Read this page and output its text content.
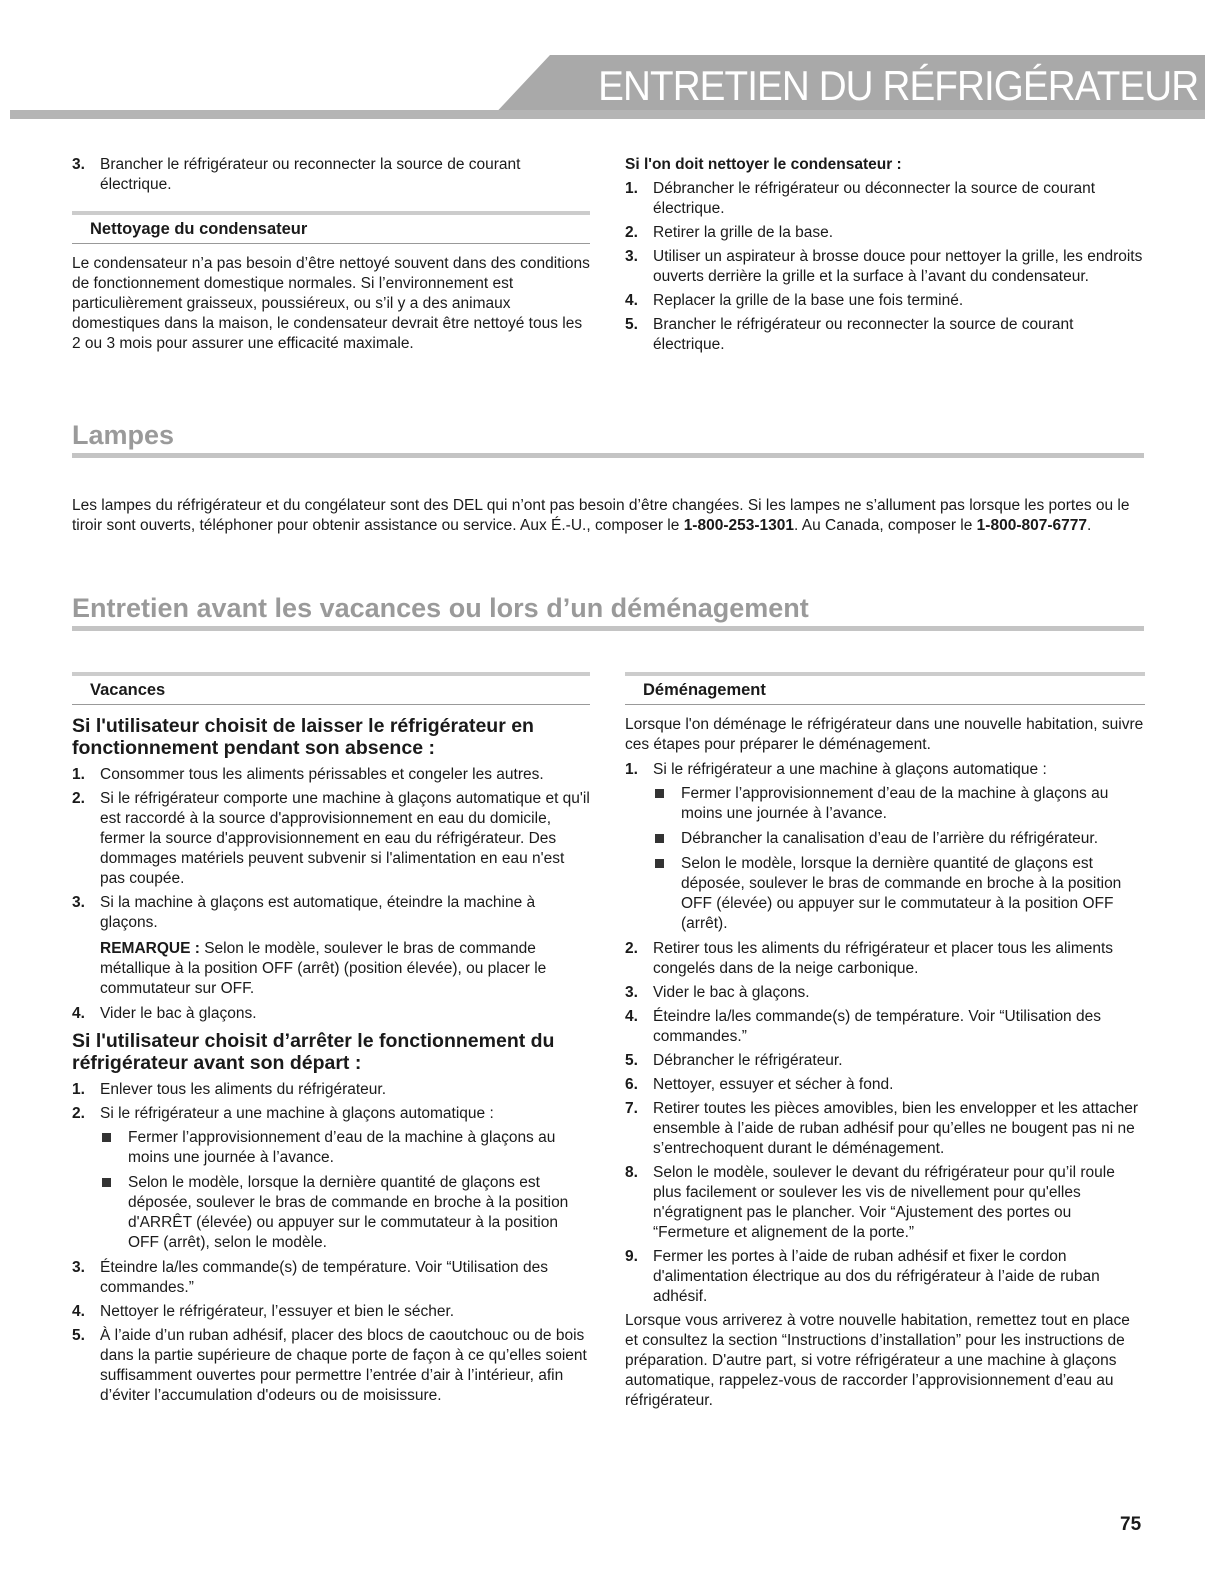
ENTRETIEN DU RÉFRIGÉRATEUR
3. Brancher le réfrigérateur ou reconnecter la source de courant électrique.
Nettoyage du condensateur

Le condensateur n’a pas besoin d’être nettoyé souvent dans des conditions de fonctionnement domestique normales. Si l’environnement est particulièrement graisseux, poussiéreux, ou s’il y a des animaux domestiques dans la maison, le condensateur devrait être nettoyé tous les 2 ou 3 mois pour assurer une efficacité maximale.

Si l'on doit nettoyer le condensateur :
1. Débrancher le réfrigérateur ou déconnecter la source de courant électrique.
2. Retirer la grille de la base.
3. Utiliser un aspirateur à brosse douce pour nettoyer la grille, les endroits ouverts derrière la grille et la surface à l’avant du condensateur.
4. Replacer la grille de la base une fois terminé.
5. Brancher le réfrigérateur ou reconnecter la source de courant électrique.
Lampes

Les lampes du réfrigérateur et du congélateur sont des DEL qui n’ont pas besoin d’être changées. Si les lampes ne s’allument pas lorsque les portes ou le tiroir sont ouverts, téléphoner pour obtenir assistance ou service. Aux É.-U., composer le 1-800-253-1301. Au Canada, composer le 1-800-807-6777.

Entretien avant les vacances ou lors d’un déménagement
Vacances
Si l'utilisateur choisit de laisser le réfrigérateur en fonctionnement pendant son absence :
1. Consommer tous les aliments périssables et congeler les autres.
2. Si le réfrigérateur comporte une machine à glaçons automatique et qu'il est raccordé à la source d'approvisionnement en eau du domicile, fermer la source d'approvisionnement en eau du réfrigérateur. Des dommages matériels peuvent subvenir si l'alimentation en eau n'est pas coupée.
3. Si la machine à glaçons est automatique, éteindre la machine à glaçons.

REMARQUE : Selon le modèle, soulever le bras de commande métallique à la position OFF (arrêt) (position élevée), ou placer le commutateur sur OFF.

4. Vider le bac à glaçons.
Si l'utilisateur choisit d’arrêter le fonctionnement du réfrigérateur avant son départ :
1. Enlever tous les aliments du réfrigérateur.
2. Si le réfrigérateur a une machine à glaçons automatique :
Fermer l’approvisionnement d’eau de la machine à glaçons au moins une journée à l’avance.
Selon le modèle, lorsque la dernière quantité de glaçons est déposée, soulever le bras de commande en broche à la position d'ARRÊT (élevée) ou appuyer sur le commutateur à la position OFF (arrêt), selon le modèle.
3. Éteindre la/les commande(s) de température. Voir “Utilisation des commandes.”
4. Nettoyer le réfrigérateur, l’essuyer et bien le sécher.
5. À l’aide d’un ruban adhésif, placer des blocs de caoutchouc ou de bois dans la partie supérieure de chaque porte de façon à ce qu’elles soient suffisamment ouvertes pour permettre l’entrée d’air à l’intérieur, afin d’éviter l’accumulation d'odeurs ou de moisissure.
Déménagement

Lorsque l'on déménage le réfrigérateur dans une nouvelle habitation, suivre ces étapes pour préparer le déménagement.

1. Si le réfrigérateur a une machine à glaçons automatique :
Fermer l’approvisionnement d’eau de la machine à glaçons au moins une journée à l’avance.
Débrancher la canalisation d’eau de l’arrière du réfrigérateur.
Selon le modèle, lorsque la dernière quantité de glaçons est déposée, soulever le bras de commande en broche à la position OFF (élevée) ou appuyer sur le commutateur à la position OFF (arrêt).
2. Retirer tous les aliments du réfrigérateur et placer tous les aliments congelés dans de la neige carbonique.
3. Vider le bac à glaçons.
4. Éteindre la/les commande(s) de température. Voir “Utilisation des commandes.”
5. Débrancher le réfrigérateur.
6. Nettoyer, essuyer et sécher à fond.
7. Retirer toutes les pièces amovibles, bien les envelopper et les attacher ensemble à l’aide de ruban adhésif pour qu’elles ne bougent pas ni ne s’entrechoquent durant le déménagement.
8. Selon le modèle, soulever le devant du réfrigérateur pour qu’il roule plus facilement or soulever les vis de nivellement pour qu'elles n'égratignent pas le plancher. Voir “Ajustement des portes ou “Fermeture et alignement de la porte.”
9. Fermer les portes à l’aide de ruban adhésif et fixer le cordon d'alimentation électrique au dos du réfrigérateur à l’aide de ruban adhésif.

Lorsque vous arriverez à votre nouvelle habitation, remettez tout en place et consultez la section “Instructions d’installation” pour les instructions de préparation. D'autre part, si votre réfrigérateur a une machine à glaçons automatique, rappelez-vous de raccorder l’approvisionnement d’eau au réfrigérateur.

75
